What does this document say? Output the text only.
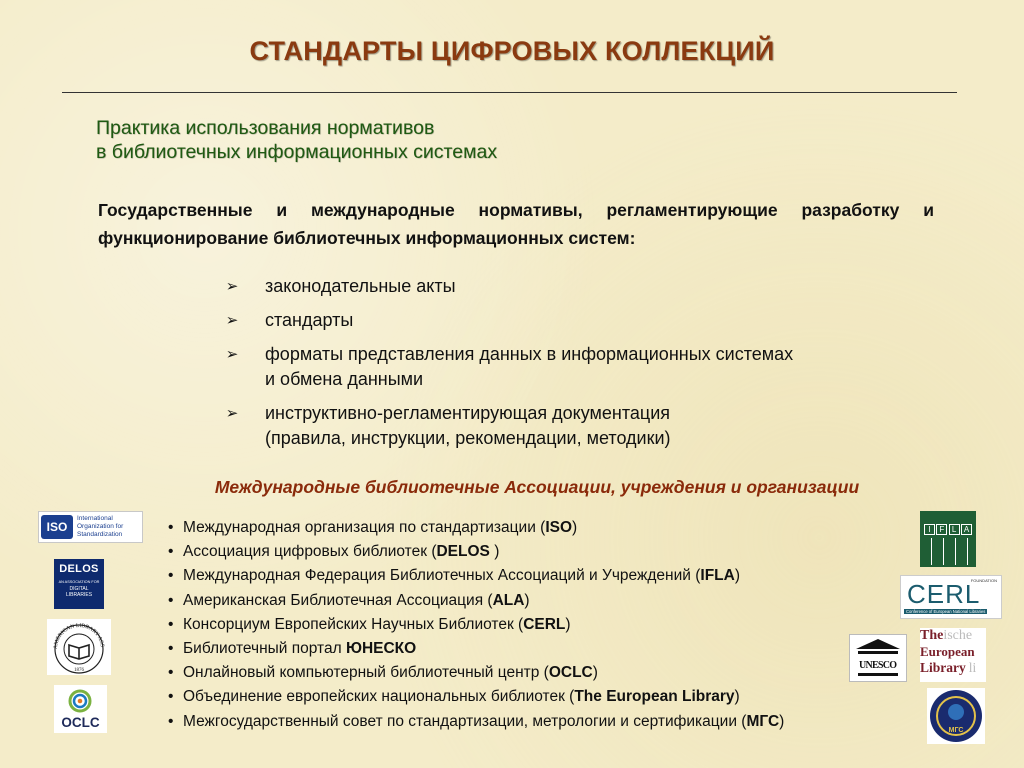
СТАНДАРТЫ ЦИФРОВЫХ КОЛЛЕКЦИЙ
Практика использования нормативов
в библиотечных информационных системах
Государственные и международные нормативы, регламентирующие разработку и функционирование библиотечных информационных систем:
➢ законодательные акты
➢ стандарты
➢ форматы представления данных в информационных системах
и обмена данными
➢ инструктивно-регламентирующая документация
(правила, инструкции, рекомендации, методики)
Международные библиотечные Ассоциации, учреждения и организации
• Международная организация по стандартизации (ISO)
• Ассоциация цифровых библиотек (DELOS )
• Международная Федерация Библиотечных Ассоциаций и Учреждений (IFLA)
• Американская Библиотечная Ассоциация (ALA)
• Консорциум Европейских Научных Библиотек (CERL)
• Библиотечный портал ЮНЕСКО
• Онлайновый компьютерный библиотечный центр (OCLC)
• Объединение европейских национальных библиотек (The European Library)
• Межгосударственный совет по стандартизации, метрологии и сертификации (МГС)
ISO
International
Organization for
Standardization
DELOS
AN ASSOCIATION FOR
DIGITAL
LIBRARIES
AMERICAN LIBRARY ASS
1876
OCLC
I	F L A
FOUNDATION
CERL
Conference of European National Libraries
UNESCO
Theische
European
Library li
МГС
